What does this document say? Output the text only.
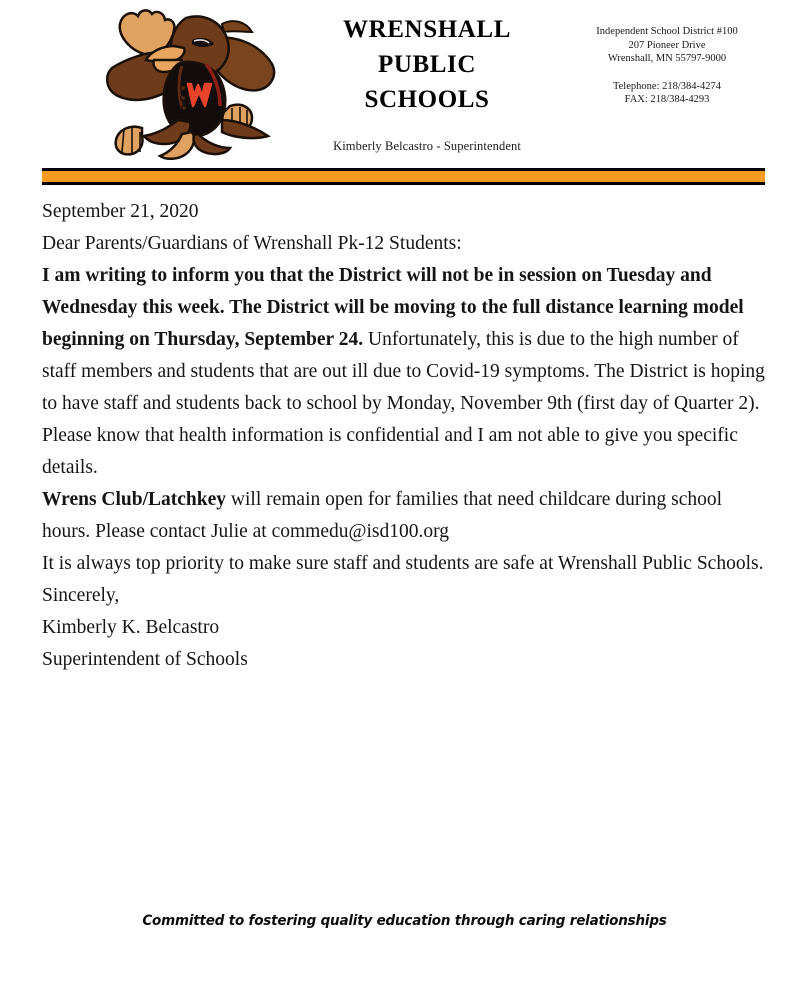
WRENSHALL
PUBLIC
SCHOOLS
Kimberly Belcastro - Superintendent
Independent School District #100
207 Pioneer Drive
Wrenshall, MN 55797-9000
Telephone: 218/384-4274
FAX: 218/384-4293
September 21, 2020
Dear Parents/Guardians of Wrenshall Pk-12 Students:

I am writing to inform you that the District will not be in session on Tuesday and Wednesday this week. The District will be moving to the full distance learning model beginning on Thursday, September 24. Unfortunately, this is due to the high number of staff members and students that are out ill due to Covid-19 symptoms. The District is hoping to have staff and students back to school by Monday, November 9th (first day of Quarter 2). Please know that health information is confidential and I am not able to give you specific details.

Wrens Club/Latchkey will remain open for families that need childcare during school hours. Please contact Julie at commedu@isd100.org

It is always top priority to make sure staff and students are safe at Wrenshall Public Schools.

Sincerely,
Kimberly K. Belcastro
Superintendent of Schools
Committed to fostering quality education through caring relationships
